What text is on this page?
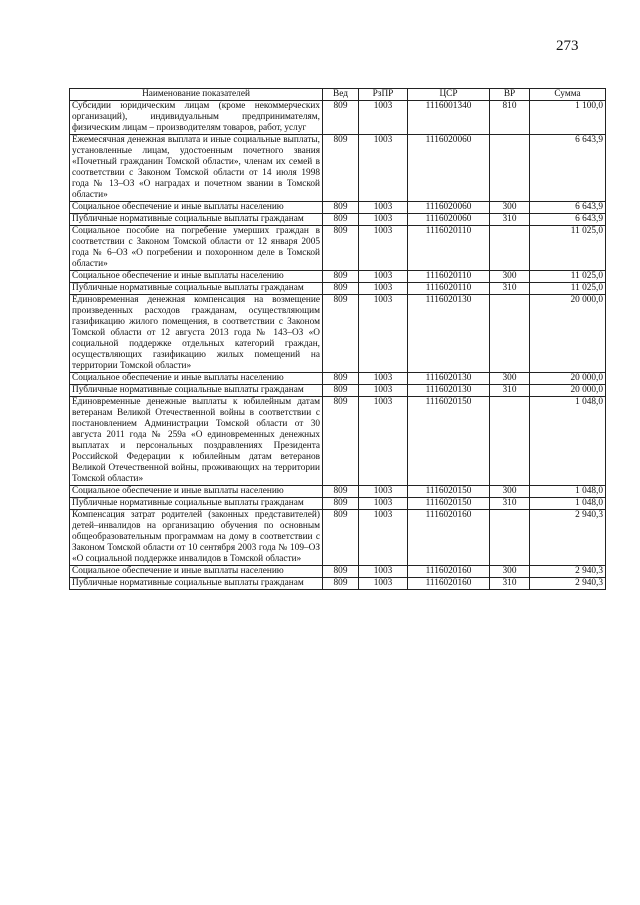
273
Наименование показателей	Вед	РзПР	ЦСР	ВР	Сумма
Субсидии юридическим лицам (кроме некоммерческих организаций), индивидуальным предпринимателям, физическим лицам – производителям товаров, работ, услуг	809	1003	1116001340	810	1 100,0
Ежемесячная денежная выплата и иные социальные выплаты, установленные лицам, удостоенным почетного звания «Почетный гражданин Томской области», членам их семей в соответствии с Законом Томской области от 14 июля 1998 года № 13–ОЗ «О наградах и почетном звании в Томской области»	809	1003	1116020060		6 643,9
Социальное обеспечение и иные выплаты населению	809	1003	1116020060	300	6 643,9
Публичные нормативные социальные выплаты гражданам	809	1003	1116020060	310	6 643,9
Социальное пособие на погребение умерших граждан в соответствии с Законом Томской области от 12 января 2005 года № 6–ОЗ «О погребении и похоронном деле в Томской области»	809	1003	1116020110		11 025,0
Социальное обеспечение и иные выплаты населению	809	1003	1116020110	300	11 025,0
Публичные нормативные социальные выплаты гражданам	809	1003	1116020110	310	11 025,0
Единовременная денежная компенсация на возмещение произведенных расходов гражданам, осуществляющим газификацию жилого помещения, в соответствии с Законом Томской области от 12 августа 2013 года № 143–ОЗ «О социальной поддержке отдельных категорий граждан, осуществляющих газификацию жилых помещений на территории Томской области»	809	1003	1116020130		20 000,0
Социальное обеспечение и иные выплаты населению	809	1003	1116020130	300	20 000,0
Публичные нормативные социальные выплаты гражданам	809	1003	1116020130	310	20 000,0
Единовременные денежные выплаты к юбилейным датам ветеранам Великой Отечественной войны в соответствии с постановлением Администрации Томской области от 30 августа 2011 года № 259а «О единовременных денежных выплатах и персональных поздравлениях Президента Российской Федерации к юбилейным датам ветеранов Великой Отечественной войны, проживающих на территории Томской области»	809	1003	1116020150		1 048,0
Социальное обеспечение и иные выплаты населению	809	1003	1116020150	300	1 048,0
Публичные нормативные социальные выплаты гражданам	809	1003	1116020150	310	1 048,0
Компенсация затрат родителей (законных представителей) детей–инвалидов на организацию обучения по основным общеобразовательным программам на дому в соответствии с Законом Томской области от 10 сентября 2003 года № 109–ОЗ «О социальной поддержке инвалидов в Томской области»	809	1003	1116020160		2 940,3
Социальное обеспечение и иные выплаты населению	809	1003	1116020160	300	2 940,3
Публичные нормативные социальные выплаты гражданам	809	1003	1116020160	310	2 940,3
